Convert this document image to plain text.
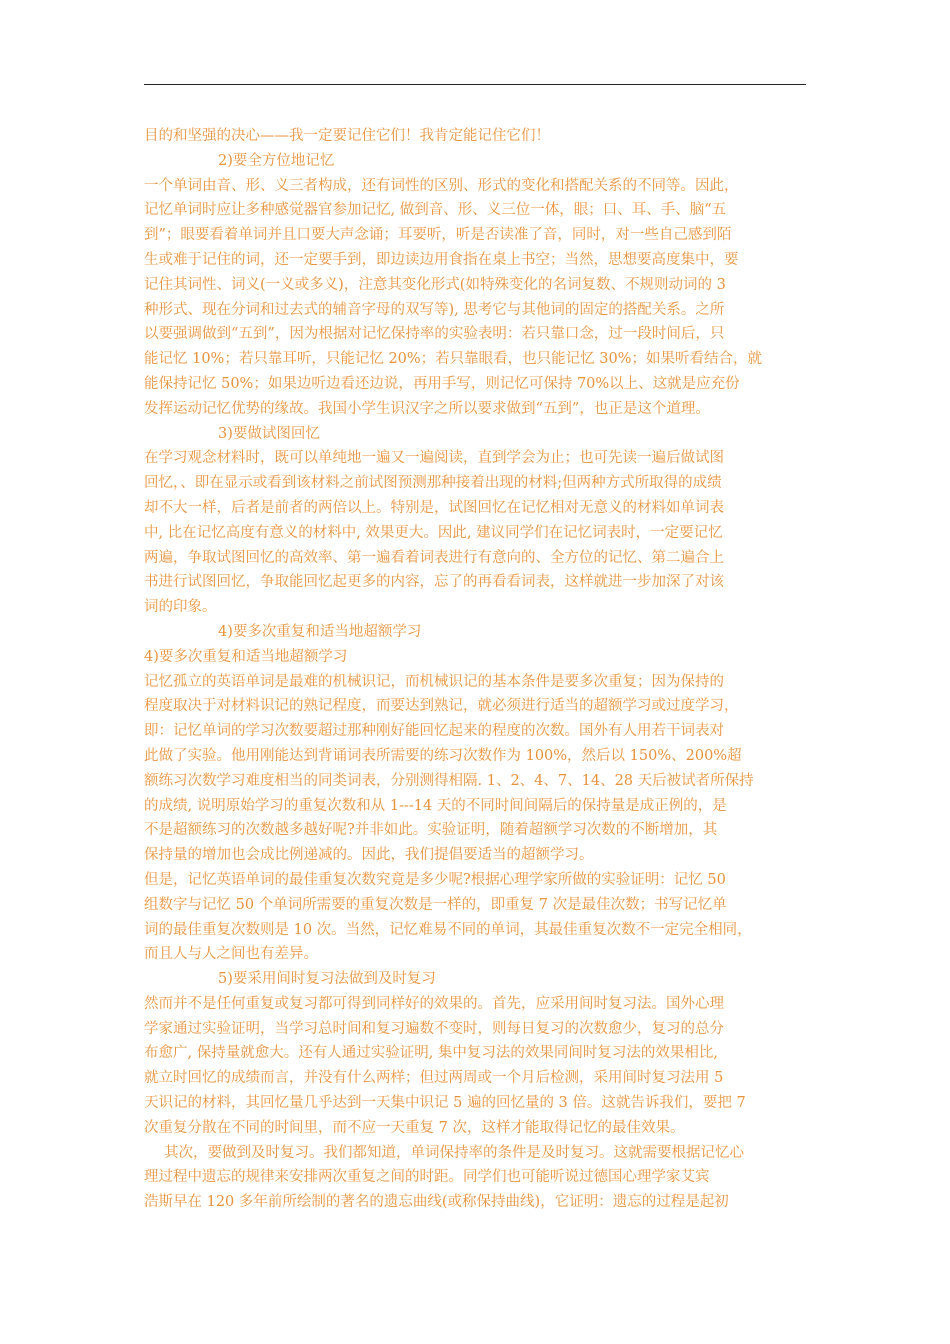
目的和坚强的决心——我一定要记住它们！我肯定能记住它们！
2)要全方位地记忆
一个单词由音、形、义三者构成，还有词性的区别、形式的变化和搭配关系的不同等。因此，
记忆单词时应让多种感觉器官参加记忆, 做到音、形、义三位一体，眼；口、耳、手、脑“五
到”；眼要看着单词并且口要大声念诵；耳要听，听是否读准了音，同时，对一些自己感到陌
生或难于记住的词，还一定要手到，即边读边用食指在桌上书空；当然，思想要高度集中，要
记住其词性、词义(一义或多义)，注意其变化形式(如特殊变化的名词复数、不规则动词的 3
种形式、现在分词和过去式的辅音字母的双写等), 思考它与其他词的固定的搭配关系。之所
以要强调做到“五到”，因为根据对记忆保持率的实验表明：若只靠口念，过一段时间后，只
能记忆 10%；若只靠耳听，只能记忆 20%；若只靠眼看，也只能记忆 30%；如果听看结合，就
能保持记忆 50%；如果边听边看还边说，再用手写，则记忆可保持 70%以上、这就是应充份
发挥运动记忆优势的缘故。我国小学生识汉字之所以要求做到“五到”，也正是这个道理。
3)要做试图回忆
在学习观念材料时，既可以单纯地一遍又一遍阅读，直到学会为止；也可先读一遍后做试图
回忆，、即在显示或看到该材料之前试图预测那种接着出现的材料;但两种方式所取得的成绩
却不大一样，后者是前者的两倍以上。特别是，试图回忆在记忆相对无意义的材料如单词表
中, 比在记忆高度有意义的材料中, 效果更大。因此, 建议同学们在记忆词表时，一定要记忆
两遍，争取试图回忆的高效率、第一遍看着词表进行有意向的、全方位的记忆、第二遍合上
书进行试图回忆，争取能回忆起更多的内容，忘了的再看看词表，这样就进一步加深了对该
词的印象。
4)要多次重复和适当地超额学习
4)要多次重复和适当地超额学习
记忆孤立的英语单词是最难的机械识记，而机械识记的基本条件是要多次重复；因为保持的
程度取决于对材料识记的熟记程度，而要达到熟记，就必须进行适当的超额学习或过度学习，
即：记忆单词的学习次数要超过那种刚好能回忆起来的程度的次数。国外有人用若干词表对
此做了实验。他用刚能达到背诵词表所需要的练习次数作为 100%，然后以 150%、200%超
额练习次数学习难度相当的同类词表，分别测得相隔. 1、2、4、7、14、28 天后被试者所保持
的成绩, 说明原始学习的重复次数和从 1---14 天的不同时间间隔后的保持量是成正例的，是
不是超额练习的次数越多越好呢?并非如此。实验证明，随着超额学习次数的不断增加，其
保持量的增加也会成比例递减的。因此，我们提倡要适当的超额学习。
但是，记忆英语单词的最佳重复次数究竟是多少呢?根据心理学家所做的实验证明：记忆 50
组数字与记忆 50 个单词所需要的重复次数是一样的，即重复 7 次是最佳次数；书写记忆单
词的最佳重复次数则是 10 次。当然，记忆难易不同的单词，其最佳重复次数不一定完全相同，
而且人与人之间也有差异。
5)要采用间时复习法做到及时复习
然而并不是任何重复或复习都可得到同样好的效果的。首先，应采用间时复习法。国外心理
学家通过实验证明，当学习总时间和复习遍数不变时，则每日复习的次数愈少，复习的总分
布愈广, 保持量就愈大。还有人通过实验证明, 集中复习法的效果同间时复习法的效果相比,
就立时回忆的成绩而言，并没有什么两样；但过两周或一个月后检测，采用间时复习法用 5
天识记的材料，其回忆量几乎达到一天集中识记 5 遍的回忆量的 3 倍。这就告诉我们，要把 7
次重复分散在不同的时间里，而不应一天重复 7 次，这样才能取得记忆的最佳效果。
其次，要做到及时复习。我们都知道，单词保持率的条件是及时复习。这就需要根据记忆心
理过程中遗忘的规律来安排两次重复之间的时距。同学们也可能听说过德国心理学家艾宾
浩斯早在 120 多年前所绘制的著名的遗忘曲线(或称保持曲线)，它证明：遗忘的过程是起初
